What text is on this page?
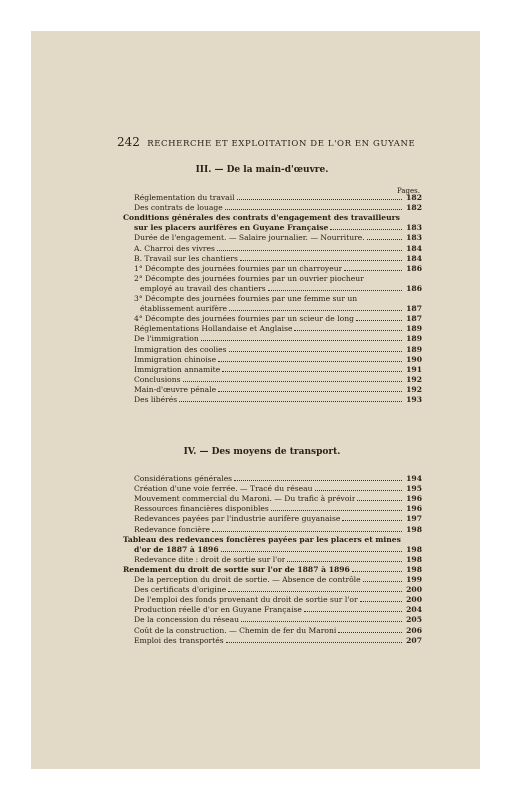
242 RECHERCHE ET EXPLOITATION DE L'OR EN GUYANE
III. — De la main-d'œuvre.
Pages.
Réglementation du travail	182
Des contrats de louage	182
Conditions générales des contrats d'engagement des travailleurs
sur les placers aurifères en Guyane Française	183
Durée de l'engagement. — Salaire journalier. — Nourriture.	183
A. Charroi des vivres	184
B. Travail sur les chantiers	184
1° Décompte des journées fournies par un charroyeur	186
2° Décompte des journées fournies par un ouvrier piocheur
employé au travail des chantiers	186
3° Décompte des journées fournies par une femme sur un
établissement aurifère	187
4° Décompte des journées fournies par un scieur de long	187
Réglementations Hollandaise et Anglaise	189
De l'immigration	189
Immigration des coolies	189
Immigration chinoise	190
Immigration annamite	191
Conclusions	192
Main-d'œuvre pénale	192
Des libérés	193
IV. — Des moyens de transport.
Considérations générales	194
Création d'une voie ferrée. — Tracé du réseau	195
Mouvement commercial du Maroni. — Du trafic à prévoir	196
Ressources financières disponibles	196
Redevances payées par l'industrie aurifère guyanaise	197
Redevance foncière	198
Tableau des redevances foncières payées par les placers et mines
d'or de 1887 à 1896	198
Redevance dite : droit de sortie sur l'or	198
Rendement du droit de sortie sur l'or de 1887 à 1896	198
De la perception du droit de sortie. — Absence de contrôle	199
Des certificats d'origine	200
De l'emploi des fonds provenant du droit de sortie sur l'or	200
Production réelle d'or en Guyane Française	204
De la concession du réseau	205
Coût de la construction. — Chemin de fer du Maroni	206
Emploi des transportés	207
